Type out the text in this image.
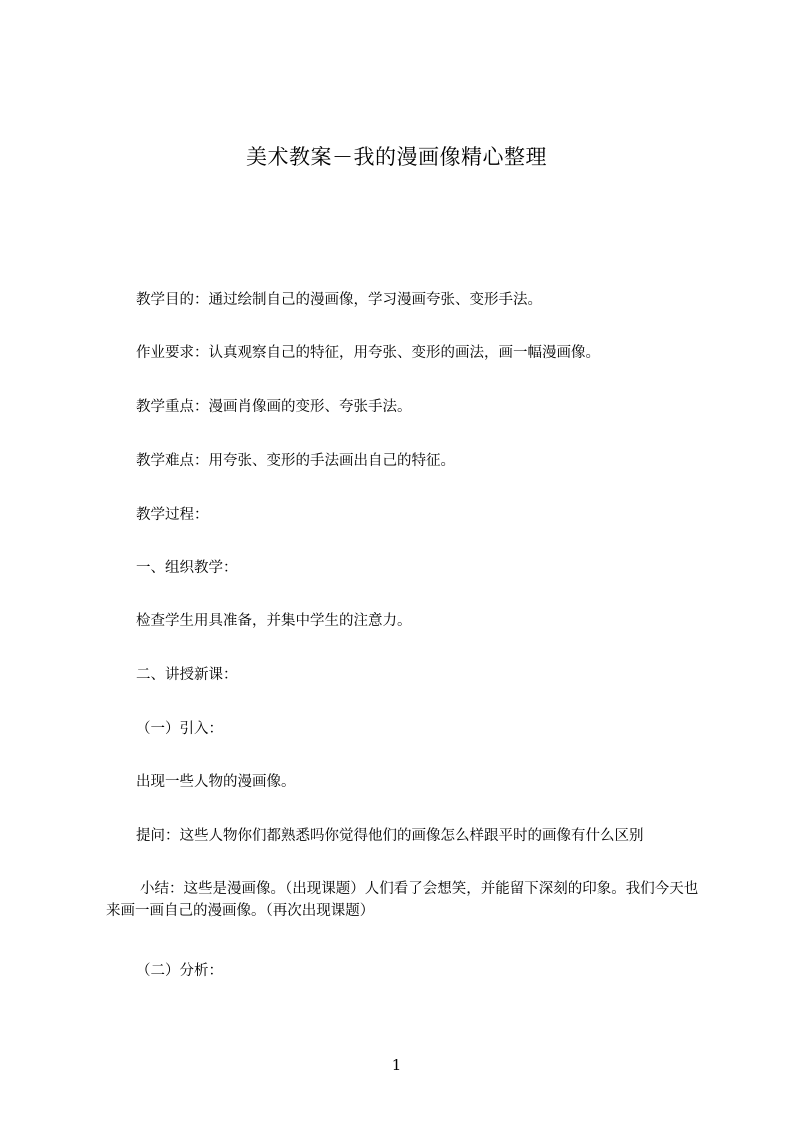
美术教案－我的漫画像精心整理
教学目的：通过绘制自己的漫画像，学习漫画夸张、变形手法。
作业要求：认真观察自己的特征，用夸张、变形的画法，画一幅漫画像。
教学重点：漫画肖像画的变形、夸张手法。
教学难点：用夸张、变形的手法画出自己的特征。
教学过程：
一、组织教学：
检查学生用具准备，并集中学生的注意力。
二、讲授新课：
（一）引入：
出现一些人物的漫画像。
提问：这些人物你们都熟悉吗你觉得他们的画像怎么样跟平时的画像有什么区别
小结：这些是漫画像。（出现课题）人们看了会想笑，并能留下深刻的印象。我们今天也来画一画自己的漫画像。（再次出现课题）
（二）分析：
1
